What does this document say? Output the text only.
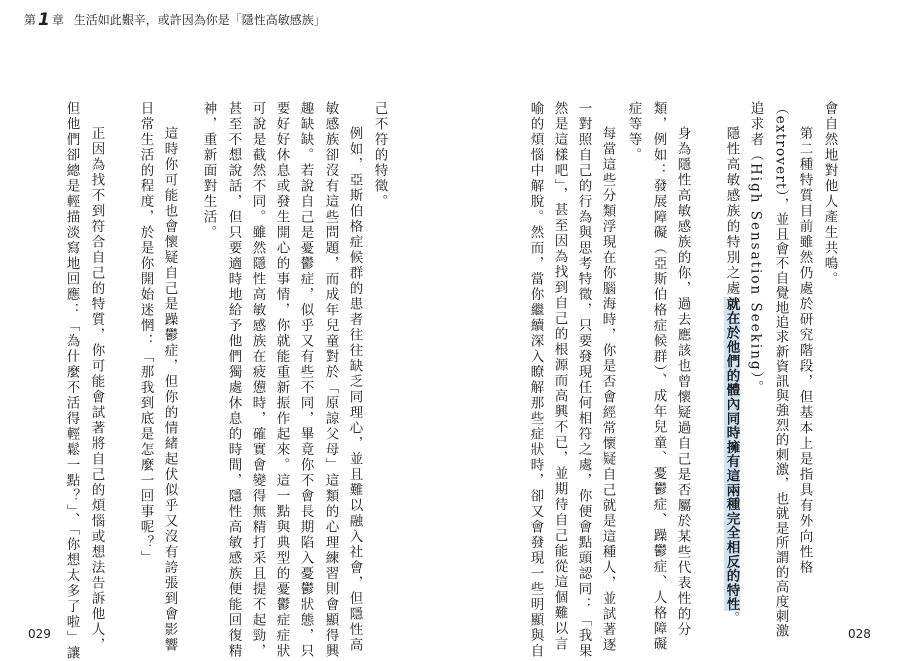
第 1 章 生活如此艱辛，或許因為你是「隱性高敏感族」
會自然地對他人產生共鳴。
第二種特質目前雖然仍處於研究階段，但基本上是指具有外向性格
（extrovert），並且會不自覺地追求新資訊與強烈的刺激，也就是所謂的高度刺激
追求者（High Sensation Seeking）。
隱性高敏感族的特別之處就在於他們的體內同時擁有這兩種完全相反的特性。
身為隱性高敏感族的你，過去應該也曾懷疑過自己是否屬於某些代表性的分
類，例如：發展障礙（亞斯伯格症候群）、成年兒童、憂鬱症、躁鬱症、人格障礙
症等等。
每當這些分類浮現在你腦海時，你是否會經常懷疑自己就是這種人，並試著逐
一對照自己的行為與思考特徵，只要發現任何相符之處，你便會點頭認同：「我果
然是這樣吧」，甚至因為找到自己的根源而高興不已，並期待自己能從這個難以言
喻的煩惱中解脫。然而，當你繼續深入瞭解那些症狀時，卻又會發現一些明顯與自
己不符的特徵。
例如，亞斯伯格症候群的患者往往缺乏同理心，並且難以融入社會，但隱性高
敏感族卻沒有這些問題，而成年兒童對於「原諒父母」這類的心理練習則會顯得興
趣缺缺。若說自己是憂鬱症，似乎又有些不同，畢竟你不會長期陷入憂鬱狀態，只
要好好休息或發生開心的事情，你就能重新振作起來。這一點與典型的憂鬱症症狀
可說是截然不同。雖然隱性高敏感族在疲憊時，確實會變得無精打采且提不起勁，
甚至不想說話，但只要適時地給予他們獨處休息的時間，隱性高敏感族便能回復精
神，重新面對生活。
這時你可能也會懷疑自己是躁鬱症，但你的情緒起伏似乎又沒有誇張到會影響
日常生活的程度，於是你開始迷惘：「那我到底是怎麼一回事呢？」
正因為找不到符合自己的特質，你可能會試著將自己的煩惱或想法告訴他人，
但他們卻總是輕描淡寫地回應：「為什麼不活得輕鬆一點？」、「你想太多了啦」讓
029	028
